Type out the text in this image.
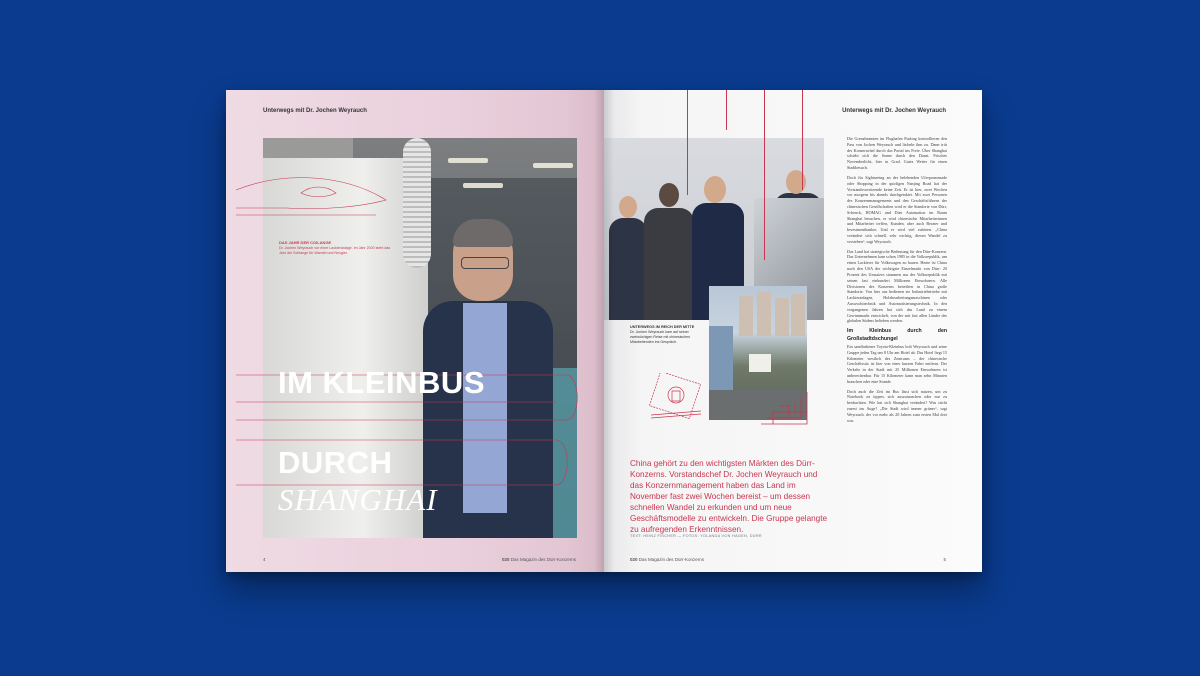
Unterwegs mit Dr. Jochen Weyrauch
DAS JAHR DER COILANGE
Dr. Jochen Weyrauch vor einer Lackieranlage. Im Jahr 2020 steht das Jahr der Schlange für Wandel und Neugier.
IM KLEINBUS
DURCH
SHANGHAI
4	020 Das Magazin des Dürr-Konzerns
Unterwegs mit Dr. Jochen Weyrauch
UNTERWEGS IM REICH DER MITTE
Dr. Jochen Weyrauch kam auf seiner zweiwöchigen Reise mit chinesischen Mitarbeitenden ins Gespräch.
China gehört zu den wichtigsten Märkten des Dürr-Konzerns. Vorstandschef Dr. Jochen Weyrauch und das Konzernmanagement haben das Land im November fast zwei Wochen bereist – um dessen schnellen Wandel zu erkunden und um neue Geschäftsmodelle zu entwickeln. Die Gruppe gelangte zu aufregenden Erkenntnissen.
TEXT: HEINZ FISCHER — FOTOS: YOLANDA VON HAGEN, DÜRR

Die Grenzbeamten im Flughafen Pudong kontrollieren den Pass von Jochen Weyrauch und lächeln ihm zu. Dann tritt der Konzernchef durch das Portal ins Freie. Über Shanghai schiebt sich die Sonne durch den Dunst. Frisches Novemberlicht, hier in Grad. Gutes Wetter für einen Stadtbesuch.

Doch für Sightseeing an der belebenden Uferpromenade oder Shopping in der quirligen Nanjing Road hat der Vorstandsvorsitzende keine Zeit. Er ist hier, zwei Wochen vor morgens bis abends durchgetaktet. Mit zwei Personen des Konzernmanagements und den Geschäftsführern der chinesischen Gesellschaften wird er die Standorte von Dürr, Schenck, HOMAG und Dürr Automation im Raum Shanghai besuchen, er wird chinesische Mitarbeiterinnen und Mitarbeiter treffen, Kunden, aber auch Berater und Investmentbanker. Und er wird viel zuhören. „China verändert sich schnell, sehr wichtig, diesen Wandel zu verstehen“, sagt Weyrauch.

Das Land hat strategische Bedeutung für den Dürr-Konzern. Das Unternehmen kam schon 1985 in die Volksrepublik, um einen Lackierer für Volkswagen zu bauen. Heute ist China nach den USA der wichtigste Einzelmarkt von Dürr: 20 Prozent des Umsatzes stammen aus der Volksrepublik mit seinen fast einhundert Millionen Einwohnern. Alle Divisionen des Konzerns betreiben in China große Standorte. Von hier aus bedienen sie Industriebetriebe mit Lackieranlagen, Holzbearbeitungsmaschinen oder Auswuchttechnik und Automatisierungstechnik. In den vergangenen Jahren hat sich das Land zu einem Gewinnmarkt entwickelt, von der mit fast allen Länder des globalen Südens belieben werden.

Im Kleinbus durch den Großstadtdschungel

Ein sandfarbener Toyota-Kleinbus holt Weyrauch und seine Gruppe jeden Tag um 8 Uhr am Hotel ab. Das Hotel liegt 15 Kilometer westlich des Zentrums – der chinesische Geschäftssitz ist hier von einer kurzen Fahrt entfernt. Der Verkehr in der Stadt mit 25 Millionen Einwohnern ist unberechenbar. Für 15 Kilometer kann man zehn Minuten brauchen oder eine Stunde.

Doch auch die Zeit im Bus lässt sich nutzen, um zu Notebook zu tippen, sich auszutauschen oder nur zu beobachten. Wie hat sich Shanghai verändert? Was sticht zuerst ins Auge? „Die Stadt wird immer grüner“, sagt Weyrauch, der vor mehr als 20 Jahren zum ersten Mal dort war.

020 Das Magazin des Dürr-Konzerns	5
